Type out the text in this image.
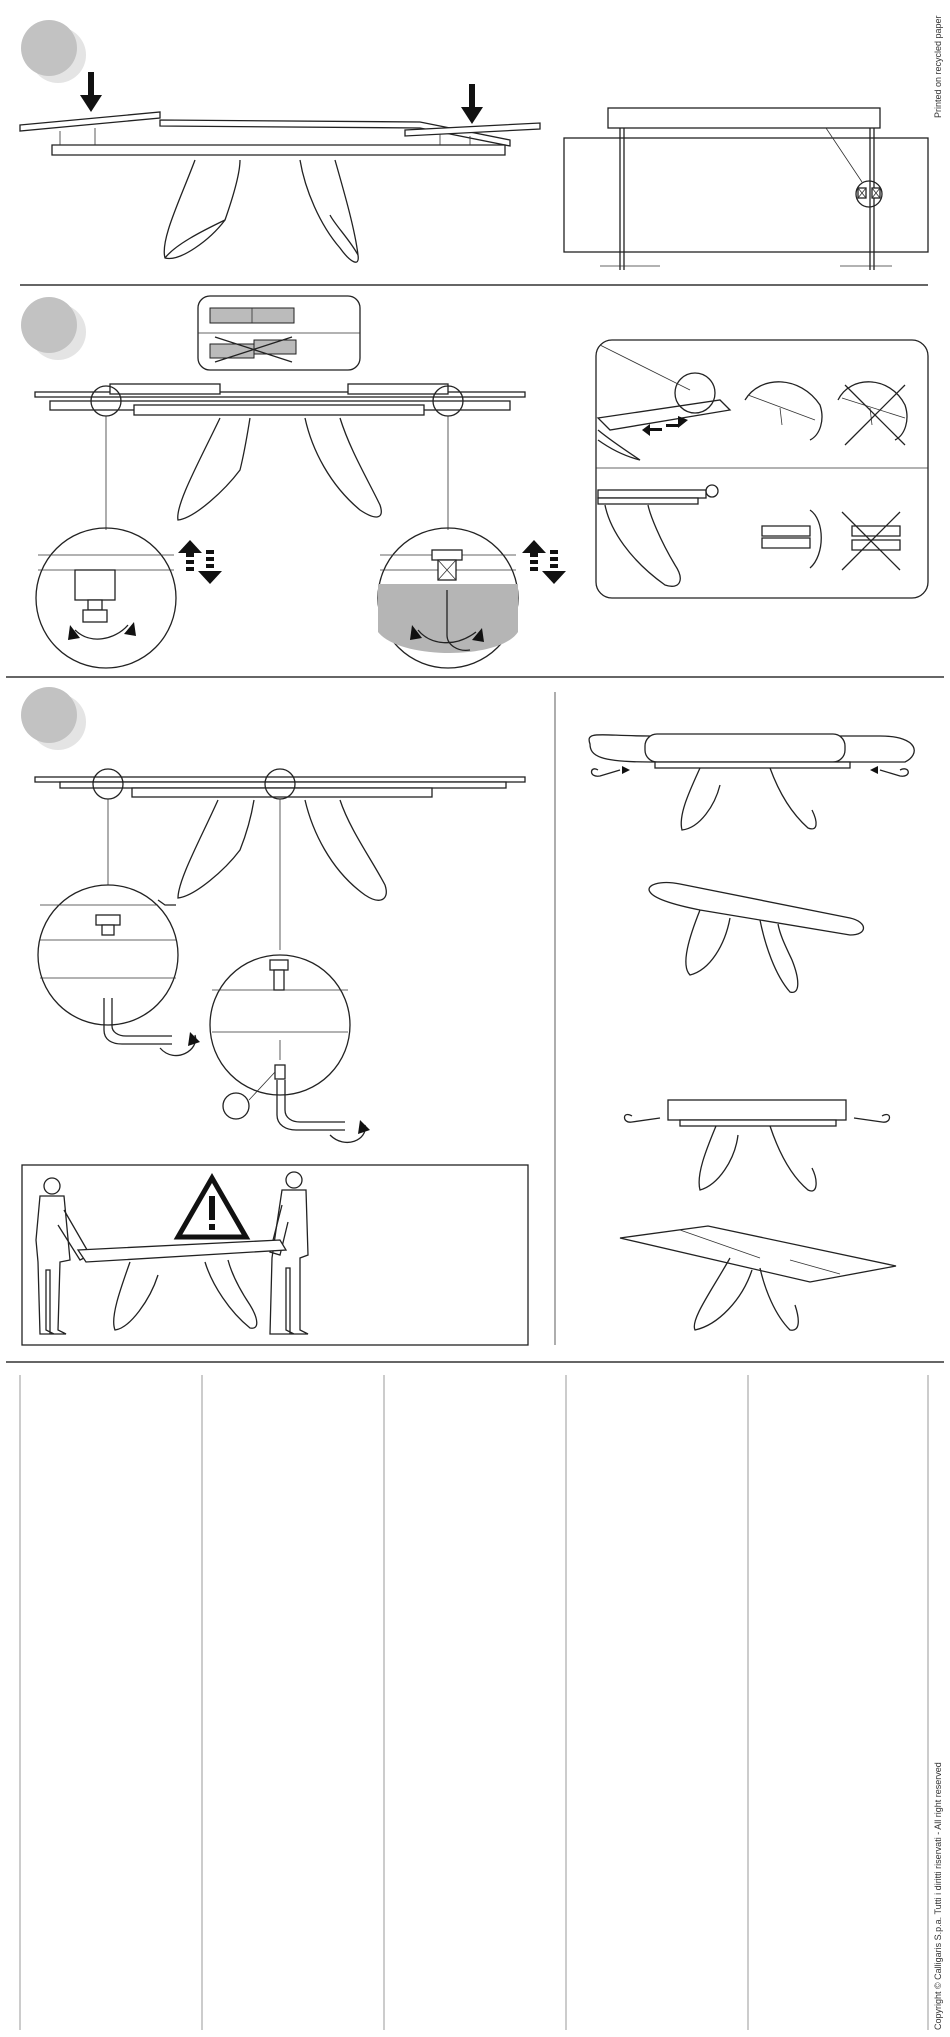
Printed on recycled paper
Copyright © Calligaris S.p.a. Tutti i diritti riservati - All right reserved
